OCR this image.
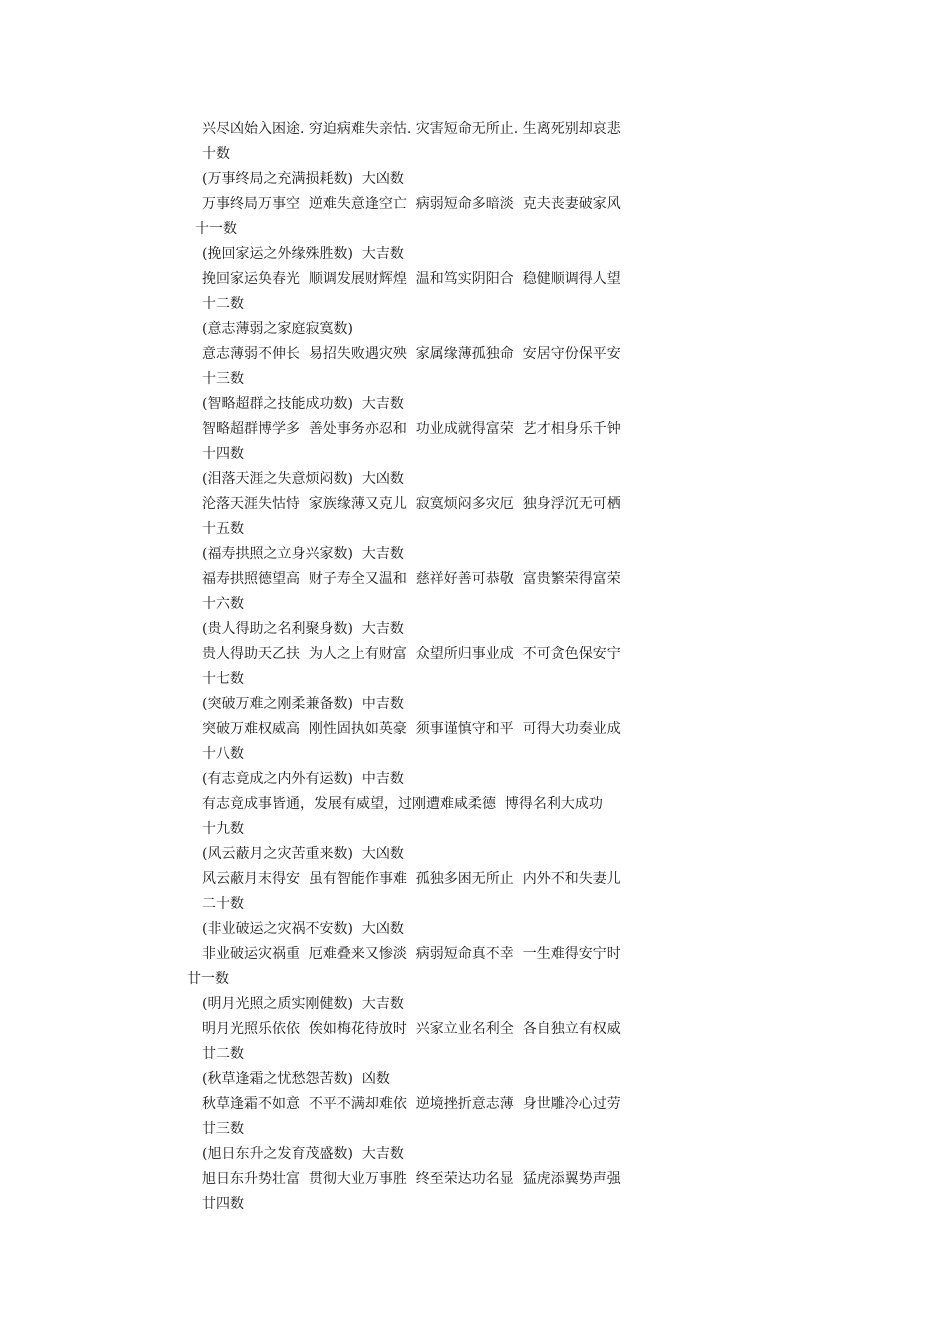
兴尽凶始入困途. 穷迫病难失亲怙. 灾害短命无所止. 生离死别却哀悲
十数
(万事终局之充满损耗数)  大凶数
万事终局万事空  逆难失意逢空亡  病弱短命多暗淡  克夫丧妻破家风
十一数
(挽回家运之外缘殊胜数)  大吉数
挽回家运奂春光  顺调发展财辉煌  温和笃实阴阳合  稳健顺调得人望
十二数
(意志薄弱之家庭寂寞数)
意志薄弱不伸长  易招失败遇灾殃  家属缘薄孤独命  安居守份保平安
十三数
(智略超群之技能成功数)  大吉数
智略超群博学多  善处事务亦忍和  功业成就得富荣  艺才相身乐千钟
十四数
(泪落天涯之失意烦闷数)  大凶数
沦落天涯失怙恃  家族缘薄又克儿  寂寞烦闷多灾厄  独身浮沉无可栖
十五数
(福寿拱照之立身兴家数)  大吉数
福寿拱照德望高  财子寿全又温和  慈祥好善可恭敬  富贵繁荣得富荣
十六数
(贵人得助之名利聚身数)  大吉数
贵人得助天乙扶  为人之上有财富  众望所归事业成  不可贪色保安宁
十七数
(突破万难之刚柔兼备数)  中吉数
突破万难权威高  刚性固执如英豪  须事谨慎守和平  可得大功奏业成
十八数
(有志竟成之内外有运数)  中吉数
有志竟成事皆通，发展有威望，过刚遭难咸柔德  博得名利大成功
十九数
(风云蔽月之灾苦重来数)  大凶数
风云蔽月末得安  虽有智能作事难  孤独多困无所止  内外不和失妻儿
二十数
(非业破运之灾祸不安数)  大凶数
非业破运灾祸重  厄难叠来又惨淡  病弱短命真不幸  一生难得安宁时
廿一数
(明月光照之质实刚健数)  大吉数
明月光照乐依依  俟如梅花待放时  兴家立业名利全  各自独立有权威
廿二数
(秋草逢霜之忧愁怨苦数)  凶数
秋草逢霜不如意  不平不满却难依  逆境挫折意志薄  身世雕冷心过劳
廿三数
(旭日东升之发育茂盛数)  大吉数
旭日东升势壮富  贯彻大业万事胜  终至荣达功名显  猛虎添翼势声强
廿四数
